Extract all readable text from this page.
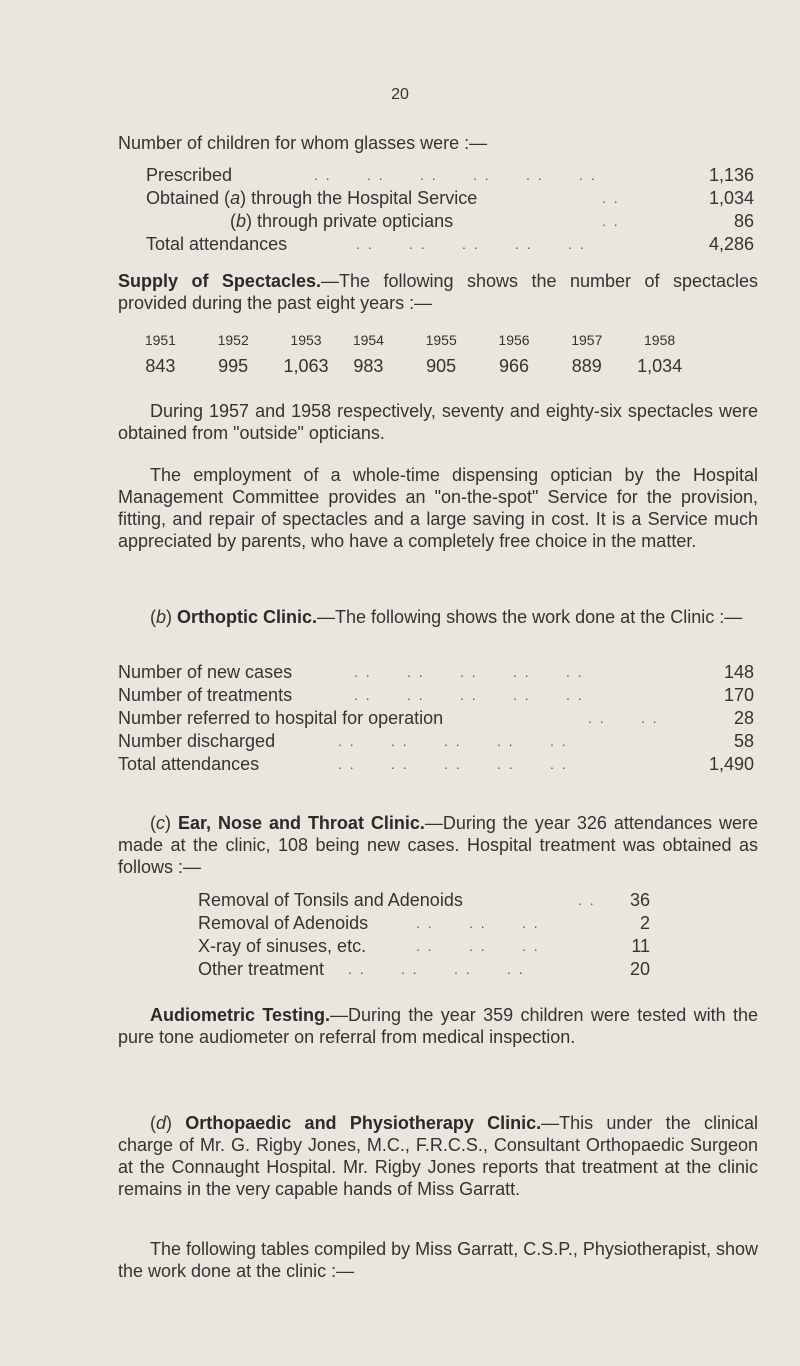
20
Number of children for whom glasses were :—
Prescribed	. .      . .      . .      . .      . .      . .	1,136
Obtained (a) through the Hospital Service	. .	1,034
(b) through private opticians	. .	86
Total attendances	. .      . .      . .      . .      . .	4,286
Supply of Spectacles.—The following shows the number of spectacles provided during the past eight years :—
1951	1952	1953 1954	1955	1956	1957	1958
843 995 1,063 983 905 966 889 1,034
During 1957 and 1958 respectively, seventy and eighty-six spectacles were obtained from "outside" opticians.
The employment of a whole-time dispensing optician by the Hospital Management Committee provides an "on-the-spot" Service for the provision, fitting, and repair of spectacles and a large saving in cost. It is a Service much appreciated by parents, who have a completely free choice in the matter.
(b) Orthoptic Clinic.—The following shows the work done at the Clinic :—
Number of new cases	. .      . .      . .      . .      . .	148
Number of treatments	. .      . .      . .      . .      . .	170
Number referred to hospital for operation	. .      . .	28
Number discharged	. .      . .      . .      . .      . .	58
Total attendances	. .      . .      . .      . .      . .	1,490
(c) Ear, Nose and Throat Clinic.—During the year 326 attendances were made at the clinic, 108 being new cases. Hospital treatment was obtained as follows :—
Removal of Tonsils and Adenoids	. . 36
Removal of Adenoids	. .      . .      . .	2
X-ray of sinuses, etc.	. .      . .      . .	11
Other treatment . .      . .      . .      . .	20
Audiometric Testing.—During the year 359 children were tested with the pure tone audiometer on referral from medical inspection.
(d) Orthopaedic and Physiotherapy Clinic.—This under the clinical charge of Mr. G. Rigby Jones, M.C., F.R.C.S., Consultant Orthopaedic Surgeon at the Connaught Hospital. Mr. Rigby Jones reports that treatment at the clinic remains in the very capable hands of Miss Garratt.
The following tables compiled by Miss Garratt, C.S.P., Physiotherapist, show the work done at the clinic :—
